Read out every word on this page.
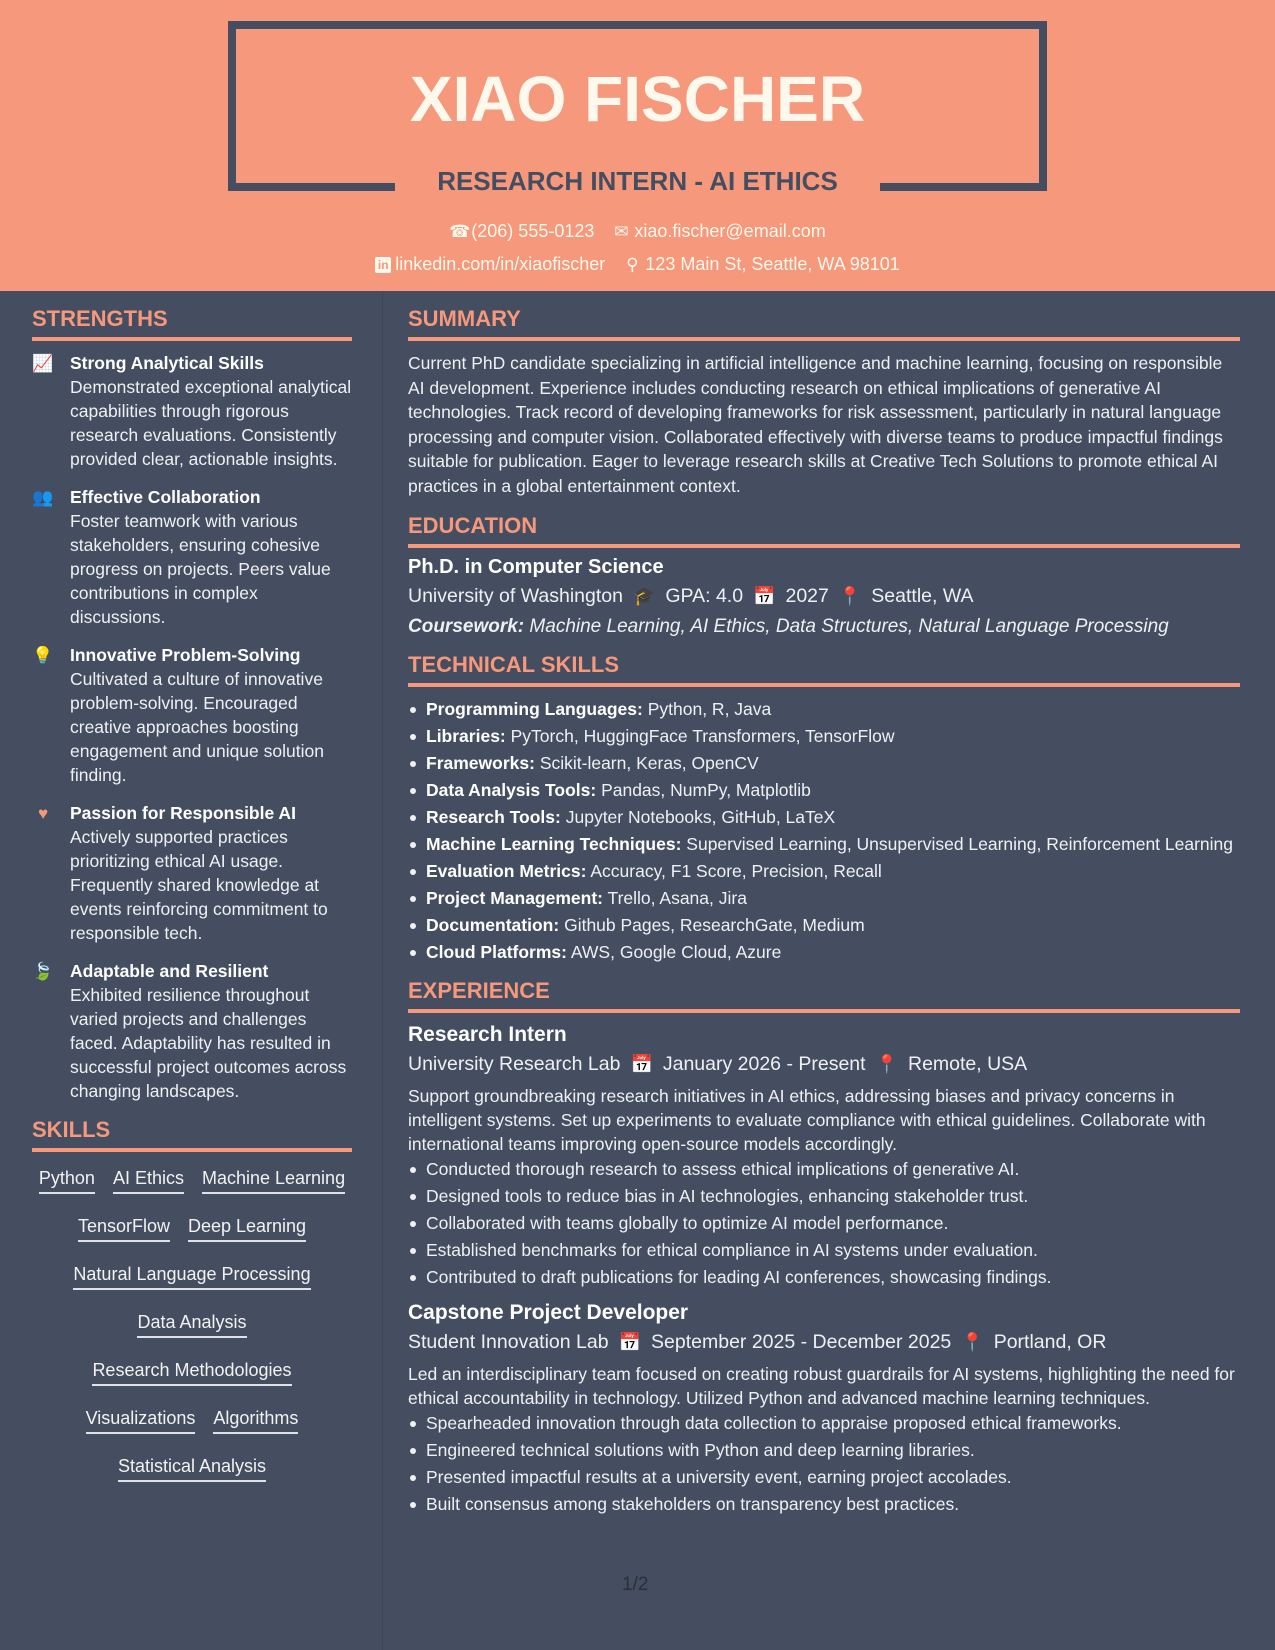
XIAO FISCHER
RESEARCH INTERN - AI ETHICS
☎ (206) 555-0123 ✉ xiao.fischer@email.com
in linkedin.com/in/xiaofischer ⚲ 123 Main St, Seattle, WA 98101
STRENGTHS
📈 Strong Analytical Skills
Demonstrated exceptional analytical capabilities through rigorous research evaluations. Consistently provided clear, actionable insights.
👥 Effective Collaboration
Foster teamwork with various stakeholders, ensuring cohesive progress on projects. Peers value contributions in complex discussions.
💡 Innovative Problem-Solving
Cultivated a culture of innovative problem-solving. Encouraged creative approaches boosting engagement and unique solution finding.
♥	Passion for Responsible AI
Actively supported practices prioritizing ethical AI usage. Frequently shared knowledge at events reinforcing commitment to responsible tech.
🍃 Adaptable and Resilient
Exhibited resilience throughout varied projects and challenges faced. Adaptability has resulted in successful project outcomes across changing landscapes.
SKILLS
Python AI Ethics Machine Learning
TensorFlow Deep Learning
Natural Language Processing
Data Analysis
Research Methodologies
Visualizations Algorithms
Statistical Analysis
SUMMARY
Current PhD candidate specializing in artificial intelligence and machine learning, focusing on responsible AI development. Experience includes conducting research on ethical implications of generative AI technologies. Track record of developing frameworks for risk assessment, particularly in natural language processing and computer vision. Collaborated effectively with diverse teams to produce impactful findings suitable for publication. Eager to leverage research skills at Creative Tech Solutions to promote ethical AI practices in a global entertainment context.
EDUCATION
Ph.D. in Computer Science
University of Washington 🎓 GPA: 4.0 📅 2027 📍 Seattle, WA
Coursework: Machine Learning, AI Ethics, Data Structures, Natural Language Processing
TECHNICAL SKILLS
Programming Languages: Python, R, Java
Libraries: PyTorch, HuggingFace Transformers, TensorFlow
Frameworks: Scikit-learn, Keras, OpenCV
Data Analysis Tools: Pandas, NumPy, Matplotlib
Research Tools: Jupyter Notebooks, GitHub, LaTeX
Machine Learning Techniques: Supervised Learning, Unsupervised Learning, Reinforcement Learning
Evaluation Metrics: Accuracy, F1 Score, Precision, Recall
Project Management: Trello, Asana, Jira
Documentation: Github Pages, ResearchGate, Medium
Cloud Platforms: AWS, Google Cloud, Azure
EXPERIENCE
Research Intern
University Research Lab 📅 January 2026 - Present 📍 Remote, USA
Support groundbreaking research initiatives in AI ethics, addressing biases and privacy concerns in intelligent systems. Set up experiments to evaluate compliance with ethical guidelines. Collaborate with international teams improving open-source models accordingly.
Conducted thorough research to assess ethical implications of generative AI.
Designed tools to reduce bias in AI technologies, enhancing stakeholder trust.
Collaborated with teams globally to optimize AI model performance.
Established benchmarks for ethical compliance in AI systems under evaluation.
Contributed to draft publications for leading AI conferences, showcasing findings.
Capstone Project Developer
Student Innovation Lab 📅 September 2025 - December 2025 📍 Portland, OR
Led an interdisciplinary team focused on creating robust guardrails for AI systems, highlighting the need for ethical accountability in technology. Utilized Python and advanced machine learning techniques.
Spearheaded innovation through data collection to appraise proposed ethical frameworks.
Engineered technical solutions with Python and deep learning libraries.
Presented impactful results at a university event, earning project accolades.
Built consensus among stakeholders on transparency best practices.
1/2
